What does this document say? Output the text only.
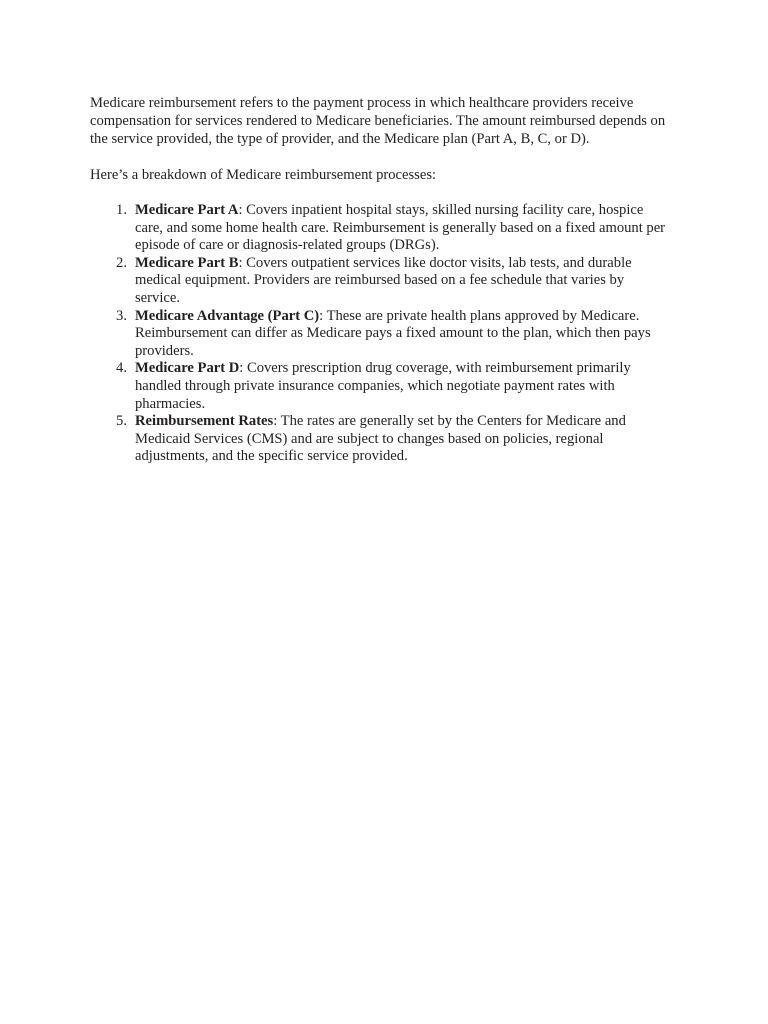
Medicare reimbursement refers to the payment process in which healthcare providers receive compensation for services rendered to Medicare beneficiaries. The amount reimbursed depends on the service provided, the type of provider, and the Medicare plan (Part A, B, C, or D).

Here’s a breakdown of Medicare reimbursement processes:

Medicare Part A: Covers inpatient hospital stays, skilled nursing facility care, hospice care, and some home health care. Reimbursement is generally based on a fixed amount per episode of care or diagnosis-related groups (DRGs).
Medicare Part B: Covers outpatient services like doctor visits, lab tests, and durable medical equipment. Providers are reimbursed based on a fee schedule that varies by service.
Medicare Advantage (Part C): These are private health plans approved by Medicare. Reimbursement can differ as Medicare pays a fixed amount to the plan, which then pays providers.
Medicare Part D: Covers prescription drug coverage, with reimbursement primarily handled through private insurance companies, which negotiate payment rates with pharmacies.
Reimbursement Rates: The rates are generally set by the Centers for Medicare and Medicaid Services (CMS) and are subject to changes based on policies, regional adjustments, and the specific service provided.
